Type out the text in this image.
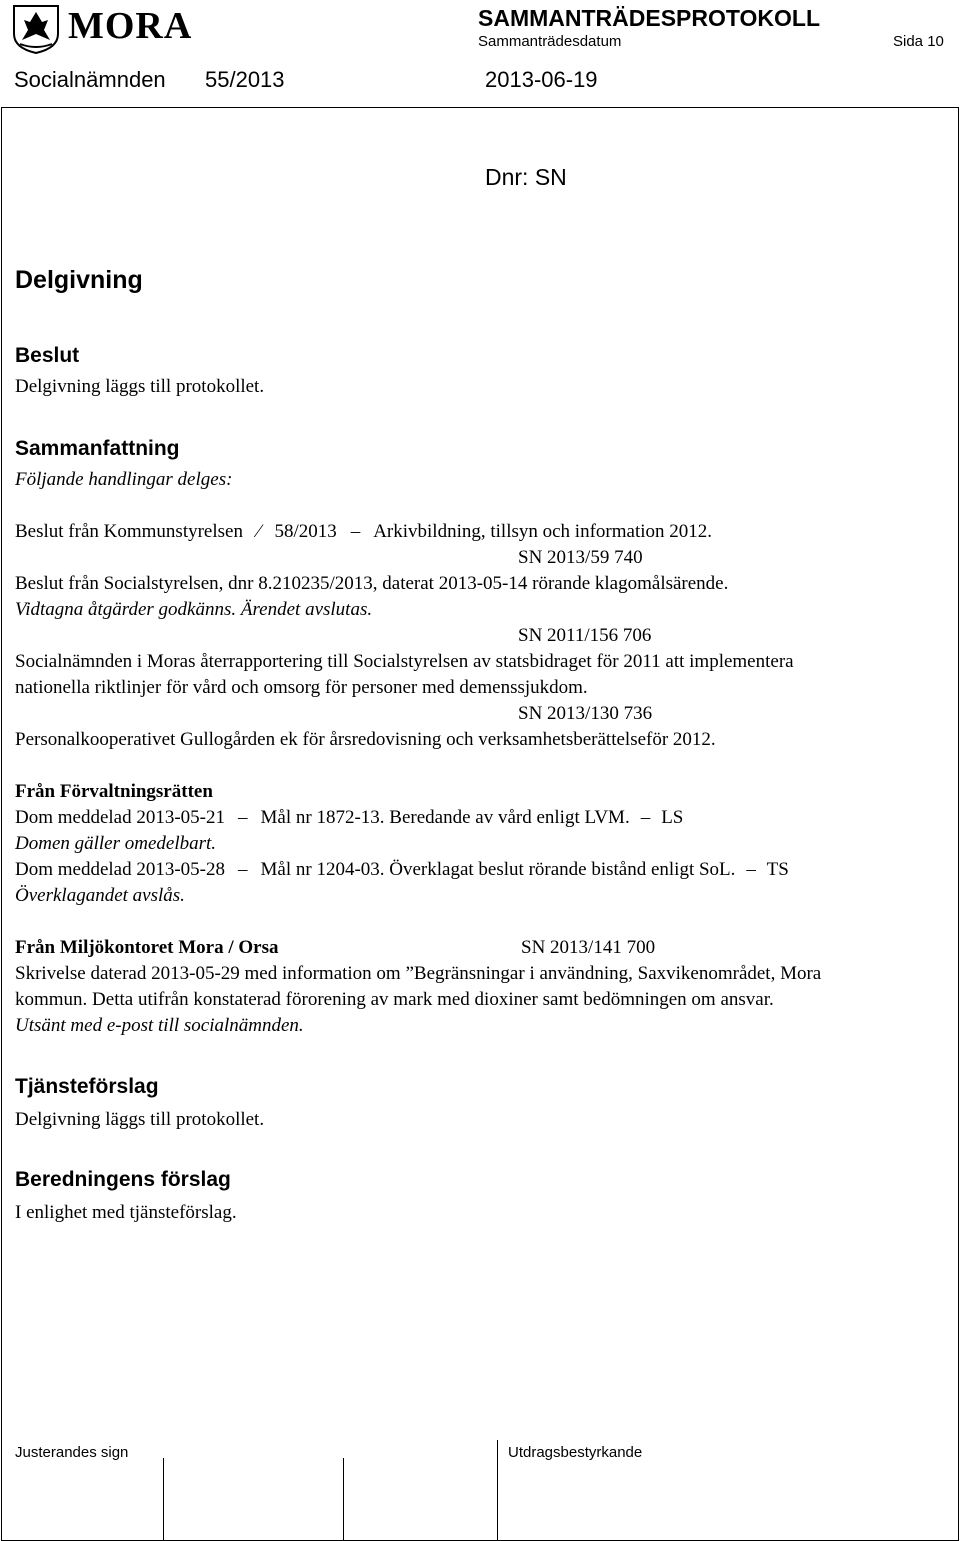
MORA	SAMMANTRÄDESPROTOKOLL
Sammanträdesdatum	Sida 10
Socialnämnden 55/2013	2013-06-19
Dnr: SN
Delgivning
Beslut
Delgivning läggs till protokollet.
Sammanfattning
Följande handlingar delges:
Beslut från Kommunstyrelsen ⁄ 58/2013 – Arkivbildning, tillsyn och information 2012.
SN 2013/59 740
Beslut från Socialstyrelsen, dnr 8.210235/2013, daterat 2013-05-14 rörande klagomålsärende.
Vidtagna åtgärder godkänns. Ärendet avslutas.
SN 2011/156 706
Socialnämnden i Moras återrapportering till Socialstyrelsen av statsbidraget för 2011 att implementera
nationella riktlinjer för vård och omsorg för personer med demenssjukdom.
SN 2013/130 736
Personalkooperativet Gullogården ek för årsredovisning och verksamhetsberättelseför 2012.
Från Förvaltningsrätten
Dom meddelad 2013-05-21 – Mål nr 1872-13. Beredande av vård enligt LVM. – LS
Domen gäller omedelbart.
Dom meddelad 2013-05-28 – Mål nr 1204-03. Överklagat beslut rörande bistånd enligt SoL. – TS
Överklagandet avslås.
Från Miljökontoret Mora / Orsa	SN 2013/141 700
Skrivelse daterad 2013-05-29 med information om ”Begränsningar i användning, Saxvikenområdet, Mora
kommun. Detta utifrån konstaterad förorening av mark med dioxiner samt bedömningen om ansvar.
Utsänt med e-post till socialnämnden.
Tjänsteförslag
Delgivning läggs till protokollet.
Beredningens förslag
I enlighet med tjänsteförslag.
Justerandes sign	Utdragsbestyrkande
